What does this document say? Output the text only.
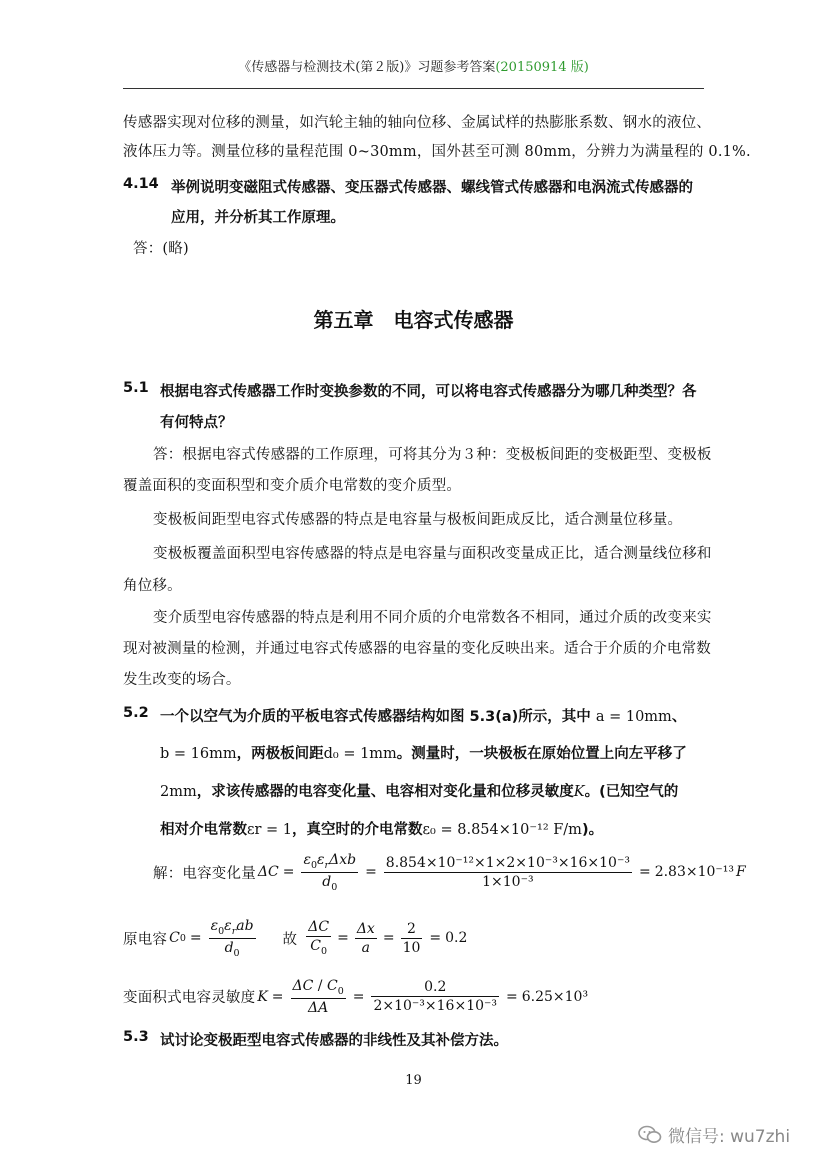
《传感器与检测技术(第２版)》习题参考答案(20150914 版)
传感器实现对位移的测量，如汽轮主轴的轴向位移、金属试样的热膨胀系数、钢水的液位、
液体压力等。测量位移的量程范围 0~30mm，国外甚至可测 80mm，分辨力为满量程的 0.1%.
4.14 举例说明变磁阻式传感器、变压器式传感器、螺线管式传感器和电涡流式传感器的
应用，并分析其工作原理。
答：(略)
第五章　电容式传感器
5.1 根据电容式传感器工作时变换参数的不同，可以将电容式传感器分为哪几种类型？各
有何特点？
答：根据电容式传感器的工作原理，可将其分为３种：变极板间距的变极距型、变极板
覆盖面积的变面积型和变介质介电常数的变介质型。
变极板间距型电容式传感器的特点是电容量与极板间距成反比，适合测量位移量。
变极板覆盖面积型电容传感器的特点是电容量与面积改变量成正比，适合测量线位移和
角位移。
变介质型电容传感器的特点是利用不同介质的介电常数各不相同，通过介质的改变来实
现对被测量的检测，并通过电容式传感器的电容量的变化反映出来。适合于介质的介电常数
发生改变的场合。
5.2 一个以空气为介质的平板电容式传感器结构如图 5.3(a)所示，其中 a = 10mm、
b = 16mm，两极板间距d₀ = 1mm。测量时，一块极板在原始位置上向左平移了
2mm，求该传感器的电容变化量、电容相对变化量和位移灵敏度K。(已知空气的
相对介电常数εr = 1，真空时的介电常数ε₀ = 8.854×10⁻¹² F/m)。
解：电容变化量 $\Delta C = \frac{\varepsilon_0\varepsilon_r\Delta xb}{d_0} = \frac{\text{8.854×10⁻¹²×1×2×10⁻³×16×10⁻³}}{\text{1×10⁻³}} = 2.83\times 10^{-13}$ F
原电容 C $0 = \frac{\varepsilon_0\varepsilon_rab}{d_0}$ 故 $\frac{\Delta C}{C_0} = \frac{\Delta x}{a} = \frac{2}{10} = 0.2$
变面积式电容灵敏度 $K = \frac{\Delta C / C_0}{\Delta A} = \frac{0.2}{\text{2×10⁻³×16×10⁻³}} = 6.25\times 10^3$
5.3 试讨论变极距型电容式传感器的非线性及其补偿方法。
19
微信号: wu7zhi
